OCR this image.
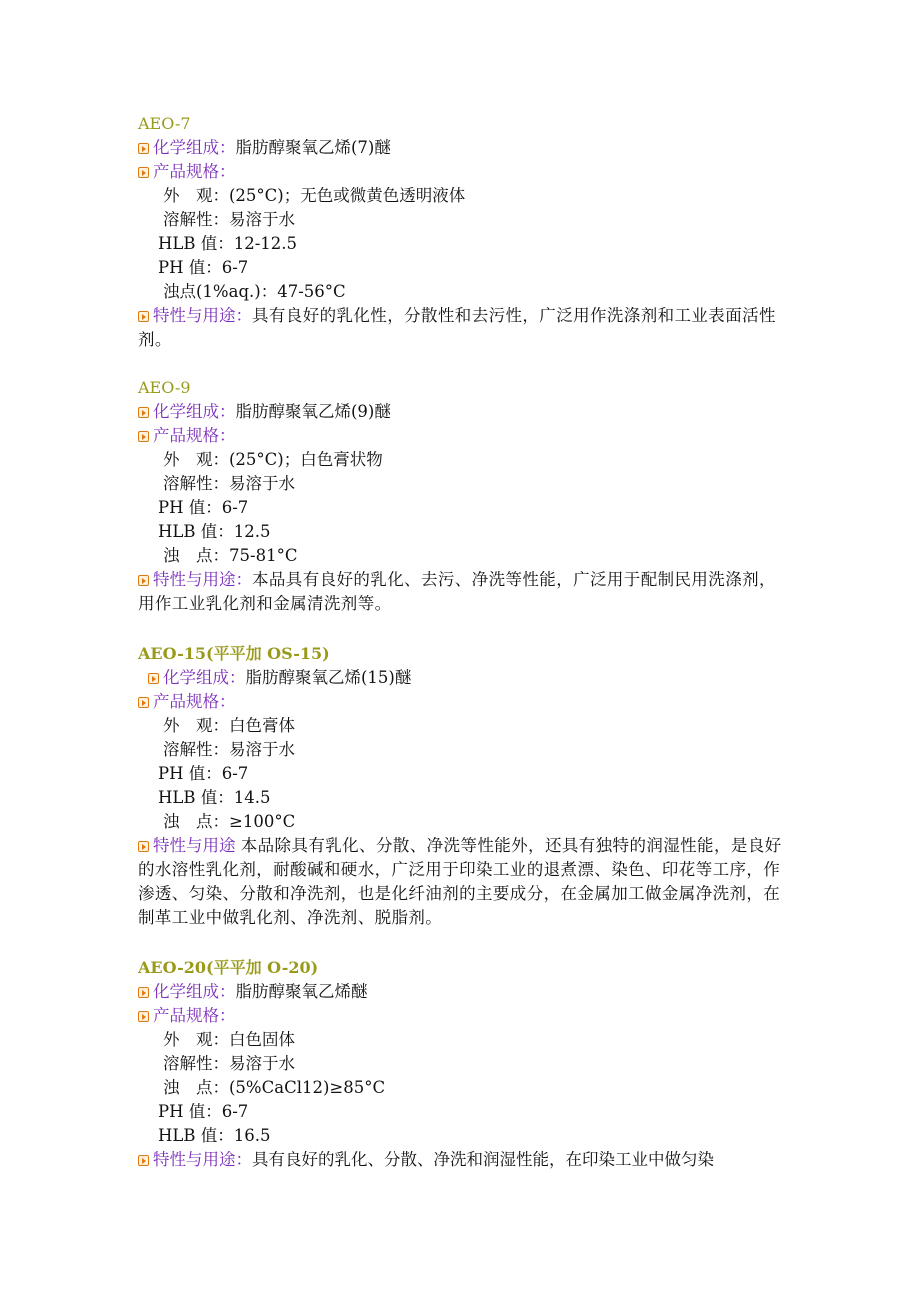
AEO-7
化学组成：脂肪醇聚氧乙烯(7)醚
产品规格：
外　观：(25°C)；无色或微黄色透明液体
溶解性：易溶于水
HLB 值：12-12.5
PH 值：6-7
浊点(1%aq.)：47-56°C
特性与用途：具有良好的乳化性，分散性和去污性，广泛用作洗涤剂和工业表面活性剂。
AEO-9
化学组成：脂肪醇聚氧乙烯(9)醚
产品规格：
外　观：(25°C)；白色膏状物
溶解性：易溶于水
PH 值：6-7
HLB 值：12.5
浊　点：75-81°C
特性与用途：本品具有良好的乳化、去污、净洗等性能，广泛用于配制民用洗涤剂，用作工业乳化剂和金属清洗剂等。
AEO-15(平平加 OS-15)
化学组成：脂肪醇聚氧乙烯(15)醚
产品规格：
外　观：白色膏体
溶解性：易溶于水
PH 值：6-7
HLB 值：14.5
浊　点：≥100°C
特性与用途 本品除具有乳化、分散、净洗等性能外，还具有独特的润湿性能，是良好的水溶性乳化剂，耐酸碱和硬水，广泛用于印染工业的退煮漂、染色、印花等工序，作渗透、匀染、分散和净洗剂，也是化纤油剂的主要成分，在金属加工做金属净洗剂，在制革工业中做乳化剂、净洗剂、脱脂剂。
AEO-20(平平加 O-20)
化学组成：脂肪醇聚氧乙烯醚
产品规格：
外　观：白色固体
溶解性：易溶于水
浊　点：(5%CaCl12)≥85°C
PH 值：6-7
HLB 值：16.5
特性与用途：具有良好的乳化、分散、净洗和润湿性能，在印染工业中做匀染
